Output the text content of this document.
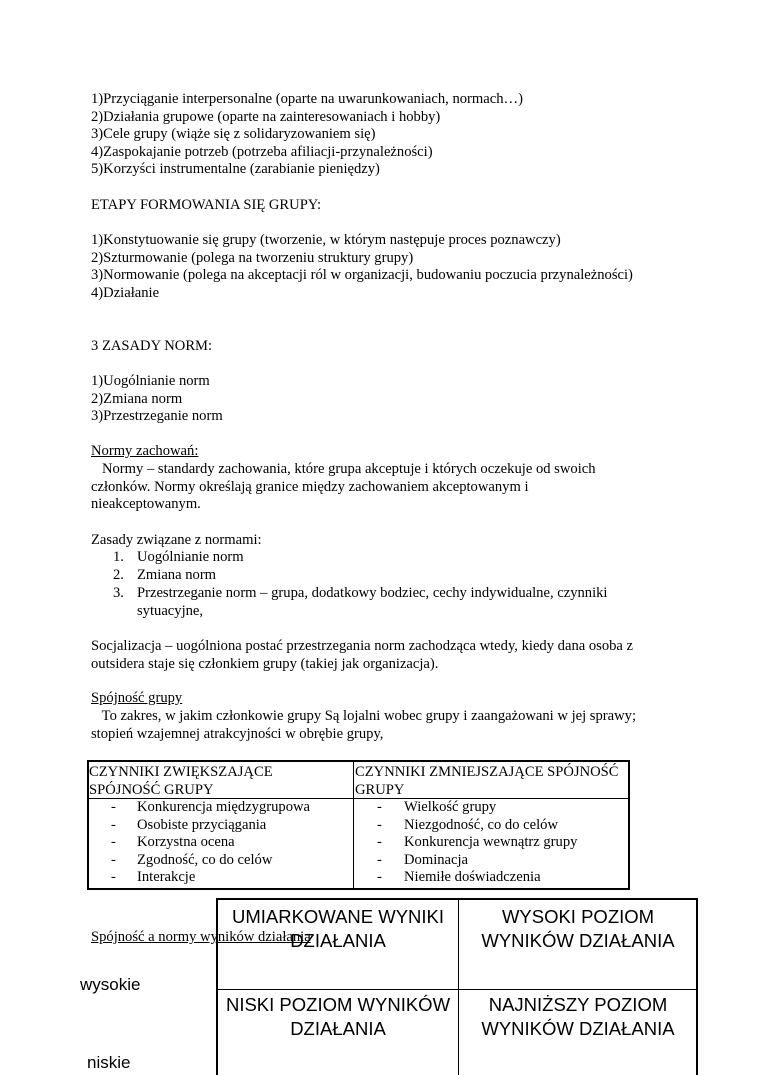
1)Przyciąganie interpersonalne (oparte na uwarunkowaniach, normach…)
2)Działania grupowe (oparte na zainteresowaniach i hobby)
3)Cele grupy (wiąże się z solidaryzowaniem się)
4)Zaspokajanie potrzeb (potrzeba afiliacji-przynależności)
5)Korzyści instrumentalne (zarabianie pieniędzy)
ETAPY FORMOWANIA SIĘ GRUPY:
1)Konstytuowanie się grupy (tworzenie, w którym następuje proces poznawczy)
2)Szturmowanie (polega na tworzeniu struktury grupy)
3)Normowanie (polega na akceptacji ról w organizacji, budowaniu poczucia przynależności)
4)Działanie
3 ZASADY NORM:
1)Uogólnianie norm
2)Zmiana norm
3)Przestrzeganie norm
Normy zachowań:
Normy – standardy zachowania, które grupa akceptuje i których oczekuje od swoich
członków. Normy określają granice między zachowaniem akceptowanym i
nieakceptowanym.
Zasady związane z normami:
1. Uogólnianie norm
2. Zmiana norm
3. Przestrzeganie norm – grupa, dodatkowy bodziec, cechy indywidualne, czynniki
sytuacyjne,
Socjalizacja – uogólniona postać przestrzegania norm zachodząca wtedy, kiedy dana osoba z
outsidera staje się członkiem grupy (takiej jak organizacja).
Spójność grupy
To zakres, w jakim członkowie grupy Są lojalni wobec grupy i zaangażowani w jej sprawy;
stopień wzajemnej atrakcyjności w obrębie grupy,
CZYNNIKI ZWIĘKSZAJĄCE SPÓJNOŚĆ GRUPY
CZYNNIKI ZMNIEJSZAJĄCE SPÓJNOŚĆ GRUPY
- Konkurencja międzygrupowa
- Osobiste przyciągania
- Korzystna ocena
- Zgodność, co do celów
- Interakcje
- Wielkość grupy
- Niezgodność, co do celów
- Konkurencja wewnątrz grupy
- Dominacja
- Niemiłe doświadczenia
Spójność a normy wyników działania
wysokie
niskie
UMIARKOWANE WYNIKI DZIAŁANIA
WYSOKI POZIOM WYNIKÓW DZIAŁANIA
NISKI POZIOM WYNIKÓW DZIAŁANIA
NAJNIŻSZY POZIOM WYNIKÓW DZIAŁANIA
